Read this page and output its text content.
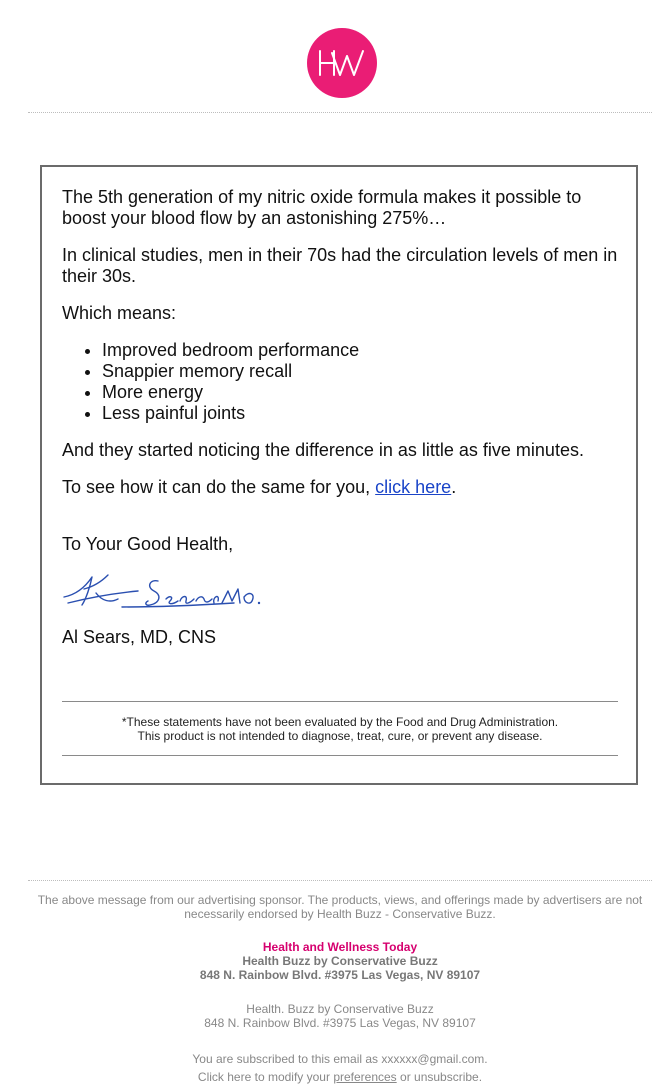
The 5th generation of my nitric oxide formula makes it possible to boost your blood flow by an astonishing 275%…

In clinical studies, men in their 70s had the circulation levels of men in their 30s.

Which means:

• Improved bedroom performance
• Snappier memory recall
• More energy
• Less painful joints

And they started noticing the difference in as little as five minutes.

To see how it can do the same for you, click here.

To Your Good Health,
Al Sears, MD, CNS
*These statements have not been evaluated by the Food and Drug Administration.
This product is not intended to diagnose, treat, cure, or prevent any disease.
The above message from our advertising sponsor. The products, views, and offerings made by advertisers are not necessarily endorsed by Health Buzz - Conservative Buzz.
Health and Wellness Today
Health Buzz by Conservative Buzz
848 N. Rainbow Blvd. #3975 Las Vegas, NV 89107
Health. Buzz by Conservative Buzz
848 N. Rainbow Blvd. #3975 Las Vegas, NV 89107
You are subscribed to this email as xxxxxx@gmail.com.
Click here to modify your preferences or unsubscribe.
